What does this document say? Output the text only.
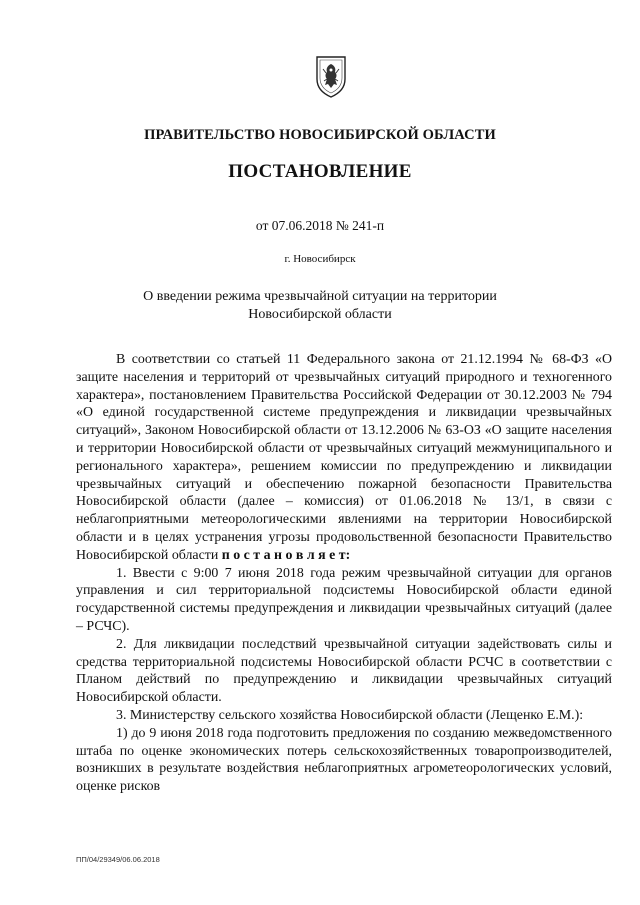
ПРАВИТЕЛЬСТВО НОВОСИБИРСКОЙ ОБЛАСТИ
ПОСТАНОВЛЕНИЕ
от 07.06.2018 № 241-п
г. Новосибирск
О введении режима чрезвычайной ситуации на территории
Новосибирской области

В соответствии со статьей 11 Федерального закона от 21.12.1994 № 68-ФЗ «О защите населения и территорий от чрезвычайных ситуаций природного и техногенного характера», постановлением Правительства Российской Федерации от 30.12.2003 № 794 «О единой государственной системе предупреждения и ликвидации чрезвычайных ситуаций», Законом Новосибирской области от 13.12.2006 № 63-ОЗ «О защите населения и территории Новосибирской области от чрезвычайных ситуаций межмуниципального и регионального характера», решением комиссии по предупреждению и ликвидации чрезвычайных ситуаций и обеспечению пожарной безопасности Правительства Новосибирской области (далее – комиссия) от 01.06.2018 № 13/1, в связи с неблагоприятными метеорологическими явлениями на территории Новосибирской области и в целях устранения угрозы продовольственной безопасности Правительство Новосибирской области п о с т а н о в л я е т:

1. Ввести с 9:00 7 июня 2018 года режим чрезвычайной ситуации для органов управления и сил территориальной подсистемы Новосибирской области единой государственной системы предупреждения и ликвидации чрезвычайных ситуаций (далее – РСЧС).

2. Для ликвидации последствий чрезвычайной ситуации задействовать силы и средства территориальной подсистемы Новосибирской области РСЧС в соответствии с Планом действий по предупреждению и ликвидации чрезвычайных ситуаций Новосибирской области.

3. Министерству сельского хозяйства Новосибирской области (Лещенко Е.М.):

1) до 9 июня 2018 года подготовить предложения по созданию межведомственного штаба по оценке экономических потерь сельскохозяйственных товаропроизводителей, возникших в результате воздействия неблагоприятных агрометеорологических условий, оценке рисков

ПП/04/29349/06.06.2018
